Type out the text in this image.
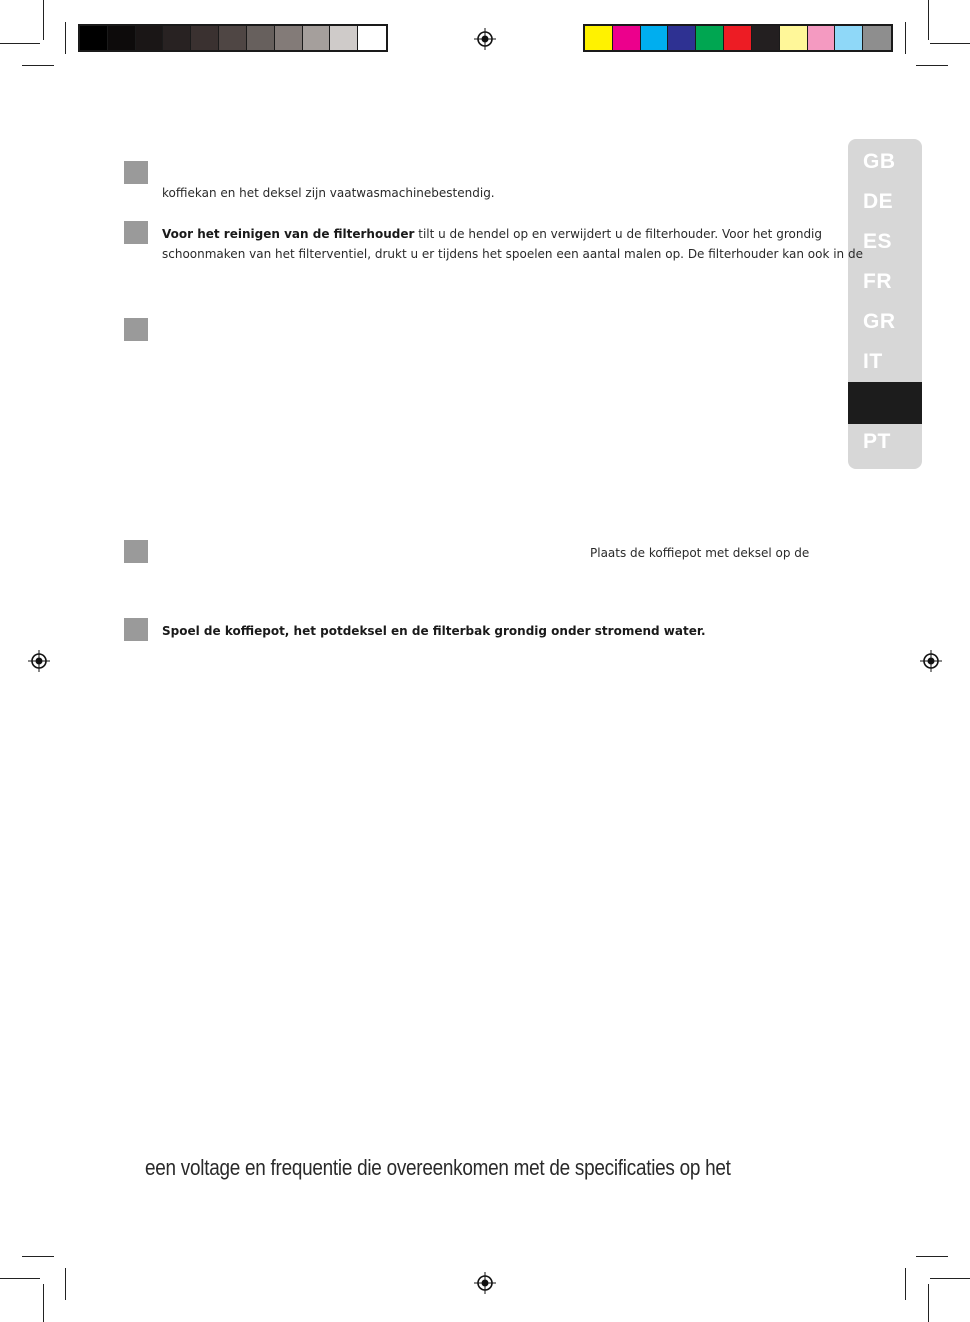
GB
DE
ES
FR
GR
IT
PT
koffiekan en het deksel zijn vaatwasmachinebestendig.
Voor het reinigen van de filterhouder tilt u de hendel op en verwijdert u de filterhouder. Voor het grondig
schoonmaken van het filterventiel, drukt u er tijdens het spoelen een aantal malen op. De filterhouder kan ook in de
Plaats de koffiepot met deksel op de
Spoel de koffiepot, het potdeksel en de filterbak grondig onder stromend water.
een voltage en frequentie die overeenkomen met de specificaties op het
